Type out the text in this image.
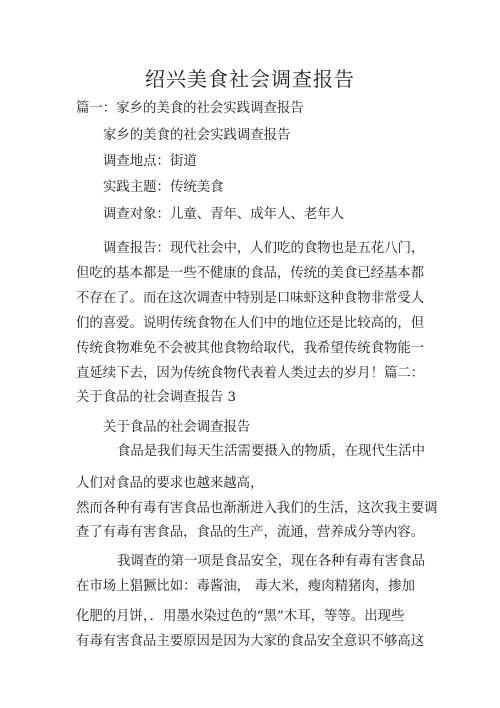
绍兴美食社会调查报告
篇一：家乡的美食的社会实践调查报告
家乡的美食的社会实践调查报告
调查地点：街道
实践主题：传统美食
调查对象：儿童、青年、成年人、老年人
调查报告：现代社会中，人们吃的食物也是五花八门，
但吃的基本都是一些不健康的食品，传统的美食已经基本都
不存在了。而在这次调查中特别是口味虾这种食物非常受人
们的喜爱。说明传统食物在人们中的地位还是比较高的，但
传统食物难免不会被其他食物给取代，我希望传统食物能一
直延续下去，因为传统食物代表着人类过去的岁月！篇二：
关于食品的社会调查报告 3
关于食品的社会调查报告
食品是我们每天生活需要摄入的物质，在现代生活中
人们对食品的要求也越来越高，
然而各种有毒有害食品也渐渐进入我们的生活，这次我主要调
查了有毒有害食品，食品的生产，流通，营养成分等内容。
我调查的第一项是食品安全，现在各种有毒有害食品
在市场上猖獗比如：毒酱油， 毒大米，瘦肉精猪肉，掺加
化肥的月饼，．用墨水染过色的“黑”木耳，等等。出现些
有毒有害食品主要原因是因为大家的食品安全意识不够高这
